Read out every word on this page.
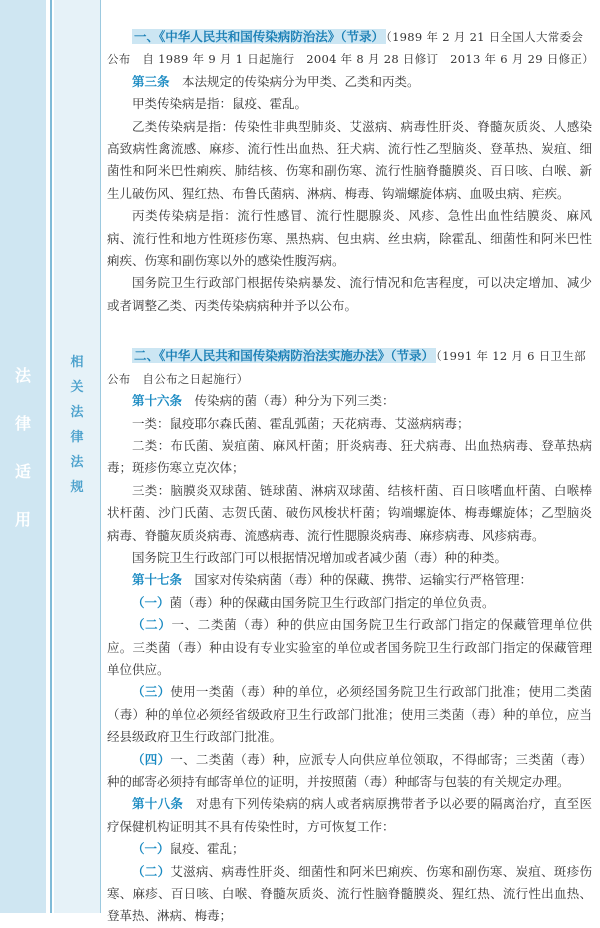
法
律
适
用
相
关
法
律
法
规

一、《中华人民共和国传染病防治法》（节录） （1989 年 2 月 21 日全国人大常委会

公布　自 1989 年 9 月 1 日起施行　2004 年 8 月 28 日修订　2013 年 6 月 29 日修正）

第三条　 本法规定的传染病分为甲类、乙类和丙类。

甲类传染病是指：鼠疫、霍乱。

乙类传染病是指：传染性非典型肺炎、艾滋病、病毒性肝炎、脊髓灰质炎、人感染高致病性禽流感、麻疹、流行性出血热、狂犬病、流行性乙型脑炎、登革热、炭疽、细菌性和阿米巴性痢疾、肺结核、伤寒和副伤寒、流行性脑脊髓膜炎、百日咳、白喉、新生儿破伤风、猩红热、布鲁氏菌病、淋病、梅毒、钩端螺旋体病、血吸虫病、疟疾。

丙类传染病是指：流行性感冒、流行性腮腺炎、风疹、急性出血性结膜炎、麻风病、流行性和地方性斑疹伤寒、黑热病、包虫病、丝虫病，除霍乱、细菌性和阿米巴性痢疾、伤寒和副伤寒以外的感染性腹泻病。

国务院卫生行政部门根据传染病暴发、流行情况和危害程度，可以决定增加、减少或者调整乙类、丙类传染病病种并予以公布。

二、《中华人民共和国传染病防治法实施办法》（节录） （1991 年 12 月 6 日卫生部

公布　自公布之日起施行）

第十六条　 传染病的菌（毒）种分为下列三类：

一类：鼠疫耶尔森氏菌、霍乱弧菌；天花病毒、艾滋病病毒；

二类：布氏菌、炭疽菌、麻风杆菌；肝炎病毒、狂犬病毒、出血热病毒、登革热病毒；斑疹伤寒立克次体；

三类：脑膜炎双球菌、链球菌、淋病双球菌、结核杆菌、百日咳嗜血杆菌、白喉棒状杆菌、沙门氏菌、志贺氏菌、破伤风梭状杆菌；钩端螺旋体、梅毒螺旋体；乙型脑炎病毒、脊髓灰质炎病毒、流感病毒、流行性腮腺炎病毒、麻疹病毒、风疹病毒。

国务院卫生行政部门可以根据情况增加或者减少菌（毒）种的种类。

第十七条　 国家对传染病菌（毒）种的保藏、携带、运输实行严格管理：

（一）菌（毒）种的保藏由国务院卫生行政部门指定的单位负责。

（二）一、二类菌（毒）种的供应由国务院卫生行政部门指定的保藏管理单位供应。三类菌（毒）种由设有专业实验室的单位或者国务院卫生行政部门指定的保藏管理单位供应。

（三）使用一类菌（毒）种的单位，必须经国务院卫生行政部门批准；使用二类菌（毒）种的单位必须经省级政府卫生行政部门批准；使用三类菌（毒）种的单位，应当经县级政府卫生行政部门批准。

（四）一、二类菌（毒）种，应派专人向供应单位领取，不得邮寄；三类菌（毒）种的邮寄必须持有邮寄单位的证明，并按照菌（毒）种邮寄与包装的有关规定办理。

第十八条　 对患有下列传染病的病人或者病原携带者予以必要的隔离治疗，直至医疗保健机构证明其不具有传染性时，方可恢复工作：

（一）鼠疫、霍乱；

（二）艾滋病、病毒性肝炎、细菌性和阿米巴痢疾、伤寒和副伤寒、炭疽、斑疹伤寒、麻疹、百日咳、白喉、脊髓灰质炎、流行性脑脊髓膜炎、猩红热、流行性出血热、登革热、淋病、梅毒；
